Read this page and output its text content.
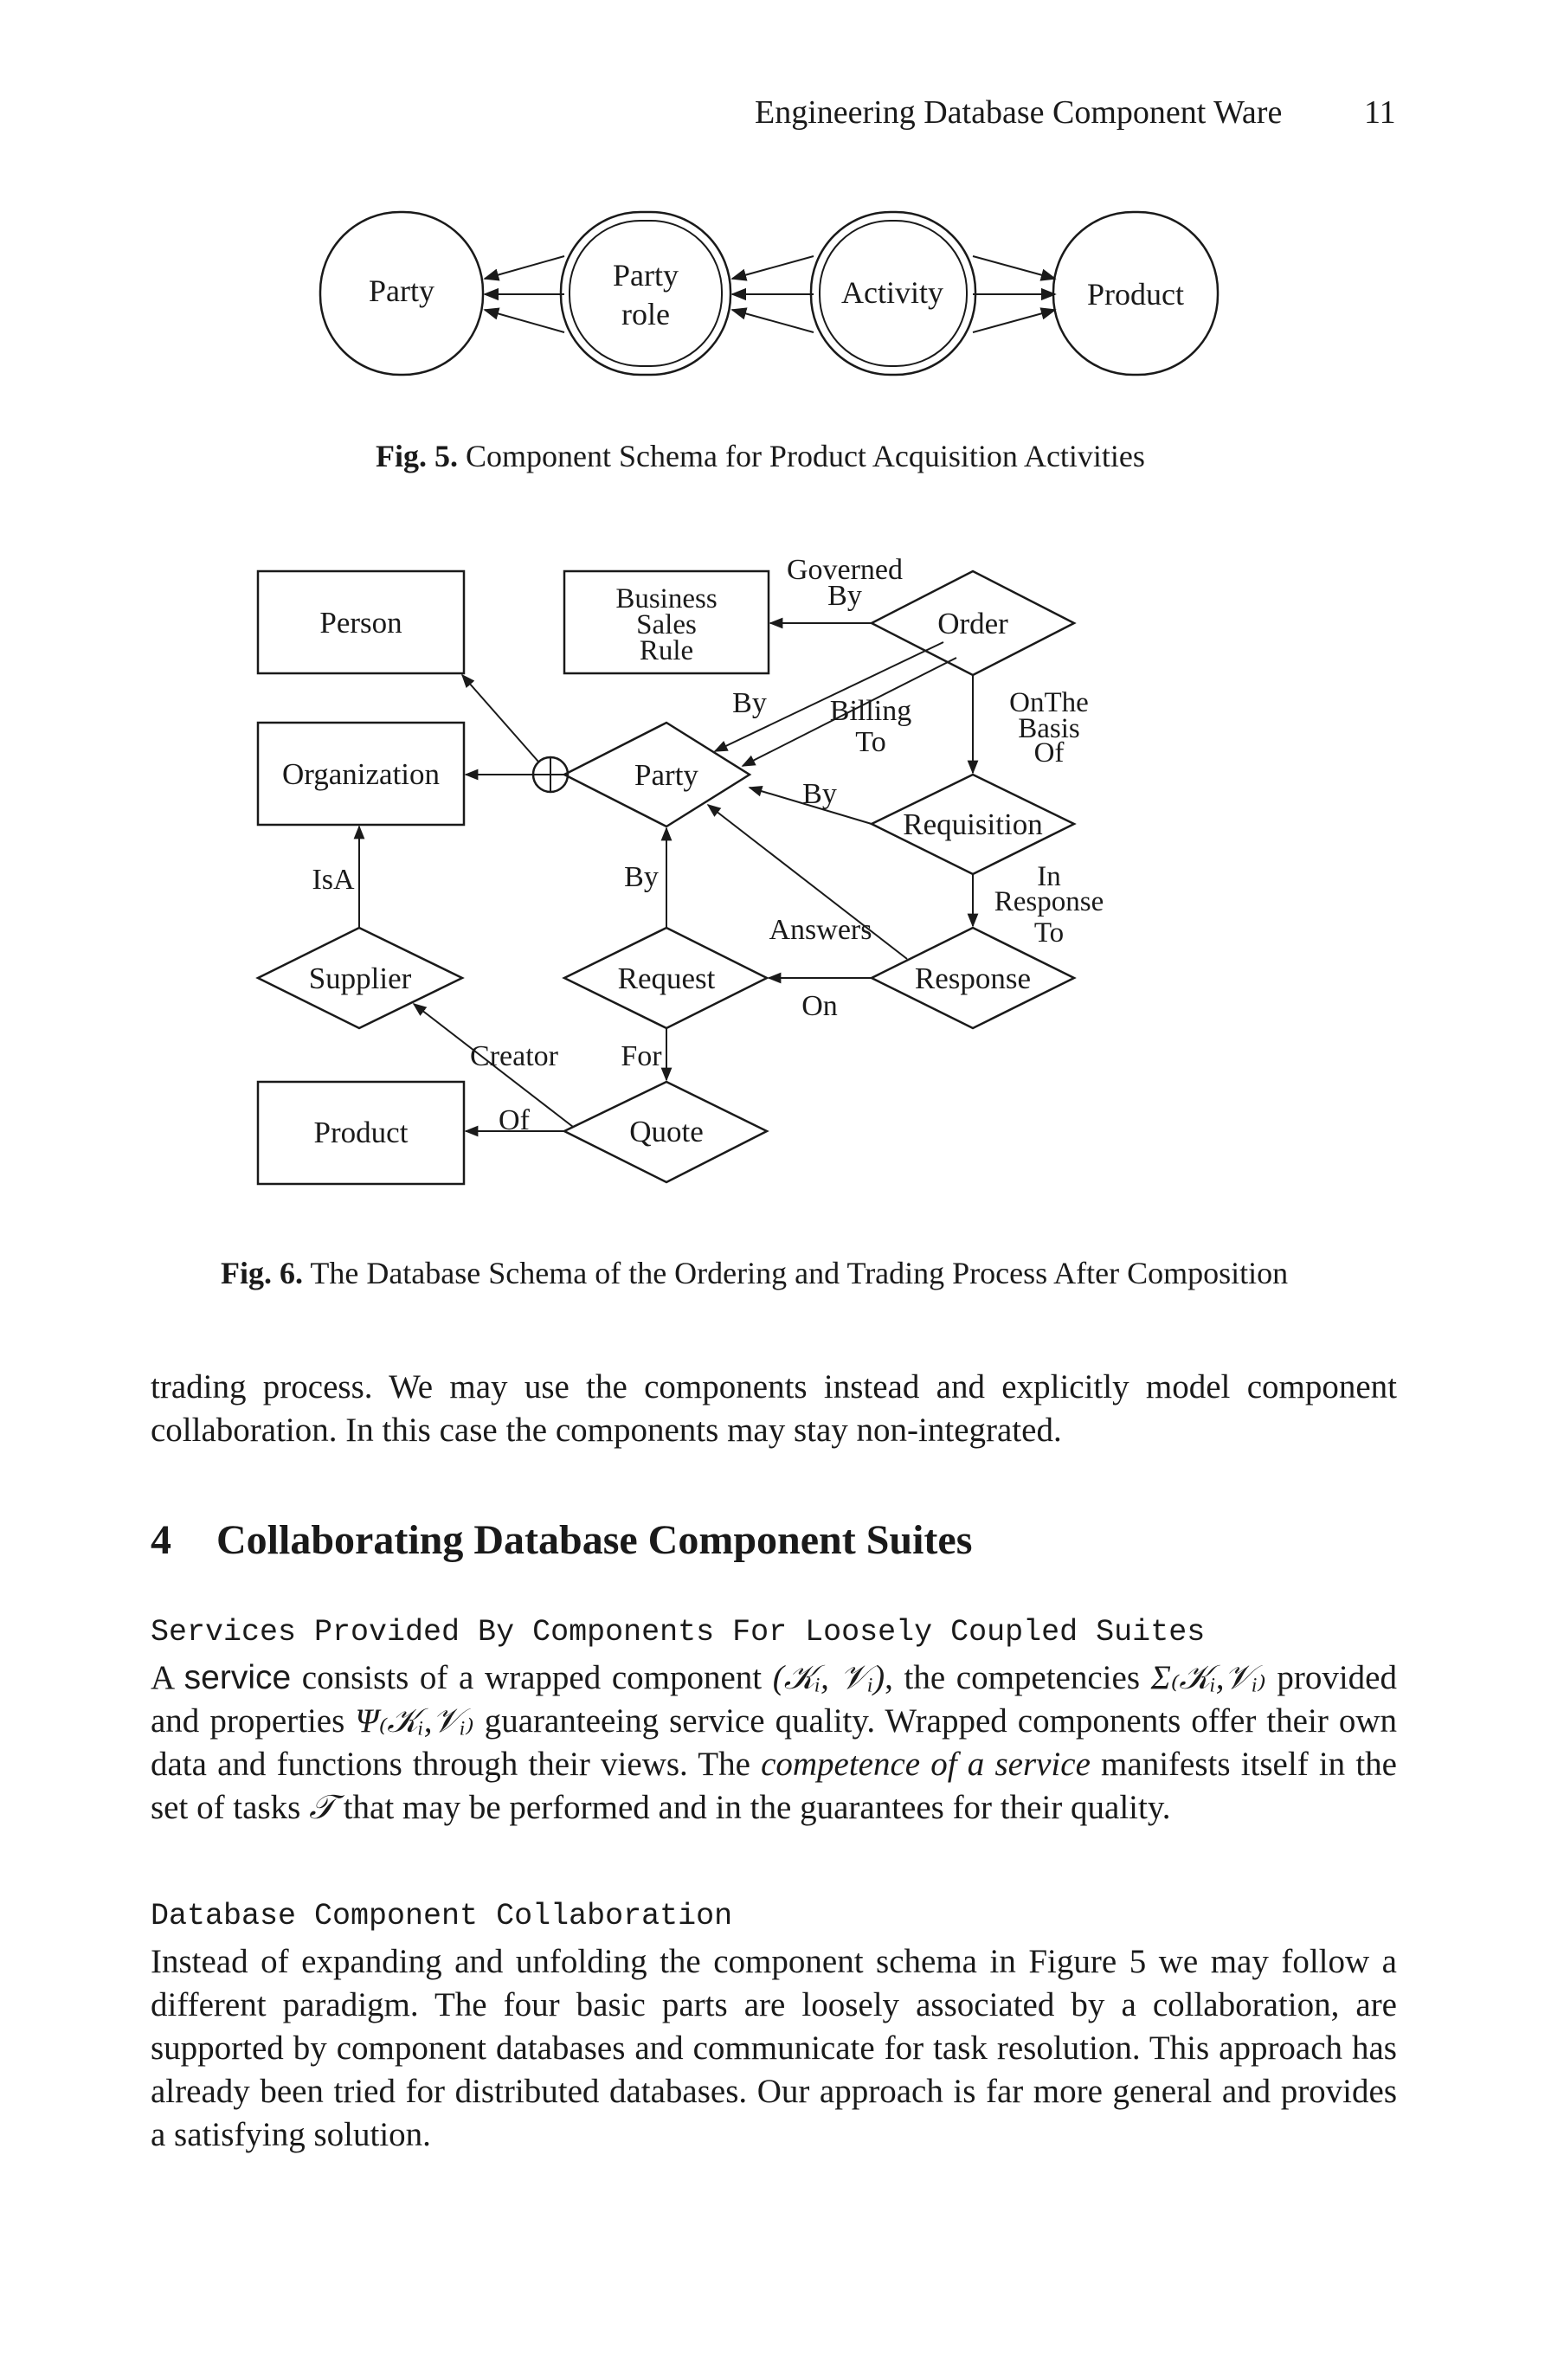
Engineering Database Component Ware 11
Party	Party
role
Activity	Product
Fig. 5. Component Schema for Product Acquisition Activities
Person
Organization
Product
Business
Sales
Rule
Order
Party
Requisition
Supplier	Request	Response
Quote
Governed
By
By Billing
To
OnThe
Basis
Of
By
IsA	By	In
Response
To
Answers
On
Creator For
Of
Fig. 6. The Database Schema of the Ordering and Trading Process After Composition
trading process. We may use the components instead and explicitly model component collaboration. In this case the components may stay non-integrated.
4 Collaborating Database Component Suites
Services Provided By Components For Loosely Coupled Suites
A service consists of a wrapped component (𝒦ᵢ, 𝒱ᵢ), the competencies Σ₍𝒦ᵢ,𝒱ᵢ₎ provided and properties Ψ₍𝒦ᵢ,𝒱ᵢ₎ guaranteeing service quality. Wrapped components offer their own data and functions through their views. The competence of a service manifests itself in the set of tasks 𝒯 that may be performed and in the guarantees for their quality.
Database Component Collaboration
Instead of expanding and unfolding the component schema in Figure 5 we may follow a different paradigm. The four basic parts are loosely associated by a collaboration, are supported by component databases and communicate for task resolution. This approach has already been tried for distributed databases. Our approach is far more general and provides a satisfying solution.
